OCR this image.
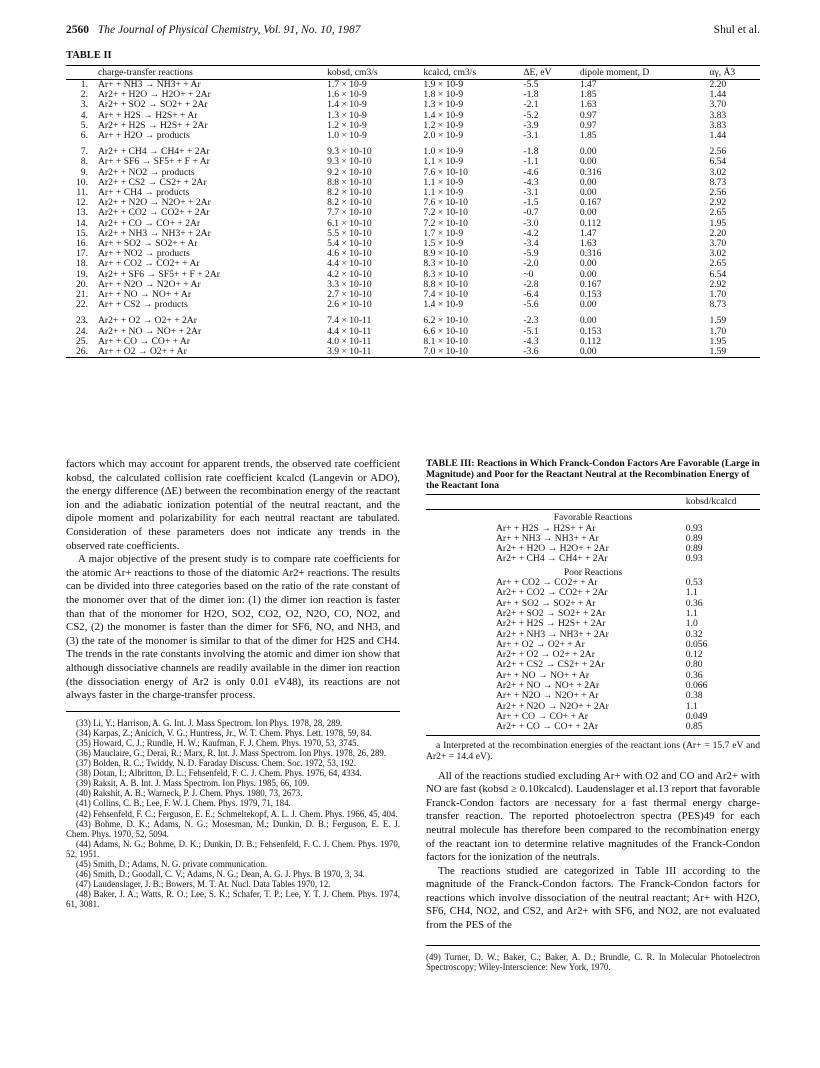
2560 The Journal of Physical Chemistry, Vol. 91, No. 10, 1987	Shul et al.
TABLE II
	charge-transfer reactions	kobsd, cm3/s	kcalcd, cm3/s	ΔE, eV	dipole moment, D	αγ, Å3
1.	Ar+ + NH3 → NH3+ + Ar	1.7 × 10-9	1.9 × 10-9	-5.5	1.47	2.20
2.	Ar2+ + H2O → H2O+ + 2Ar	1.6 × 10-9	1.8 × 10-9	-1.8	1.85	1.44
3.	Ar2+ + SO2 → SO2+ + 2Ar	1.4 × 10-9	1.3 × 10-9	-2.1	1.63	3.70
4.	Ar+ + H2S → H2S+ + Ar	1.3 × 10-9	1.4 × 10-9	-5.2	0.97	3.83
5.	Ar2+ + H2S → H2S+ + 2Ar	1.2 × 10-9	1.2 × 10-9	-3.9	0.97	3.83
6.	Ar+ + H2O → products	1.0 × 10-9	2.0 × 10-9	-3.1	1.85	1.44

7.	Ar2+ + CH4 → CH4+ + 2Ar	9.3 × 10-10	1.0 × 10-9	-1.8	0.00	2.56
8.	Ar+ + SF6 → SF5+ + F + Ar	9.3 × 10-10	1.1 × 10-9	-1.1	0.00	6.54
9.	Ar2+ + NO2 → products	9.2 × 10-10	7.6 × 10-10	-4.6	0.316	3.02
10.	Ar2+ + CS2 → CS2+ + 2Ar	8.8 × 10-10	1.1 × 10-9	-4.3	0.00	8.73
11.	Ar+ + CH4 → products	8.2 × 10-10	1.1 × 10-9	-3.1	0.00	2.56
12.	Ar2+ + N2O → N2O+ + 2Ar	8.2 × 10-10	7.6 × 10-10	-1.5	0.167	2.92
13.	Ar2+ + CO2 → CO2+ + 2Ar	7.7 × 10-10	7.2 × 10-10	-0.7	0.00	2.65
14.	Ar2+ + CO → CO+ + 2Ar	6.1 × 10-10	7.2 × 10-10	-3.0	0.112	1.95
15.	Ar2+ + NH3 → NH3+ + 2Ar	5.5 × 10-10	1.7 × 10-9	-4.2	1.47	2.20
16.	Ar+ + SO2 → SO2+ + Ar	5.4 × 10-10	1.5 × 10-9	-3.4	1.63	3.70
17.	Ar+ + NO2 → products	4.6 × 10-10	8.9 × 10-10	-5.9	0.316	3.02
18.	Ar+ + CO2 → CO2+ + Ar	4.4 × 10-10	8.3 × 10-10	-2.0	0.00	2.65
19.	Ar2+ + SF6 → SF5+ + F + 2Ar	4.2 × 10-10	8.3 × 10-10	~0	0.00	6.54
20.	Ar+ + N2O → N2O+ + Ar	3.3 × 10-10	8.8 × 10-10	-2.8	0.167	2.92
21.	Ar+ + NO → NO+ + Ar	2.7 × 10-10	7.4 × 10-10	-6.4	0.153	1.70
22.	Ar+ + CS2 → products	2.6 × 10-10	1.4 × 10-9	-5.6	0.00	8.73

23.	Ar2+ + O2 → O2+ + 2Ar	7.4 × 10-11	6.2 × 10-10	-2.3	0.00	1.59
24.	Ar2+ + NO → NO+ + 2Ar	4.4 × 10-11	6.6 × 10-10	-5.1	0.153	1.70
25.	Ar+ + CO → CO+ + Ar	4.0 × 10-11	8.1 × 10-10	-4.3	0.112	1.95
26.	Ar+ + O2 → O2+ + Ar	3.9 × 10-11	7.0 × 10-10	-3.6	0.00	1.59

factors which may account for apparent trends, the observed rate coefficient kobsd, the calculated collision rate coefficient kcalcd (Langevin or ADO), the energy difference (ΔE) between the recombination energy of the reactant ion and the adiabatic ionization potential of the neutral reactant, and the dipole moment and polarizability for each neutral reactant are tabulated. Consideration of these parameters does not indicate any trends in the observed rate coefficients.

A major objective of the present study is to compare rate coefficients for the atomic Ar+ reactions to those of the diatomic Ar2+ reactions. The results can be divided into three categories based on the ratio of the rate constant of the monomer over that of the dimer ion: (1) the dimer ion reaction is faster than that of the monomer for H2O, SO2, CO2, O2, N2O, CO, NO2, and CS2, (2) the monomer is faster than the dimer for SF6, NO, and NH3, and (3) the rate of the monomer is similar to that of the dimer for H2S and CH4. The trends in the rate constants involving the atomic and dimer ion show that although dissociative channels are readily available in the dimer ion reaction (the dissociation energy of Ar2 is only 0.01 eV48), its reactions are not always faster in the charge-transfer process.

(33) Li, Y.; Harrison, A. G. Int. J. Mass Spectrom. Ion Phys. 1978, 28, 289.
(34) Karpas, Z.; Anicich, V. G.; Huntress, Jr., W. T. Chem. Phys. Lett. 1978, 59, 84.
(35) Howard, C. J.; Rundle, H. W.; Kaufman, F. J. Chem. Phys. 1970, 53, 3745.
(36) Mauclaire, G.; Derai, R.; Marx, R. Int. J. Mass Spectrom. Ion Phys. 1978, 26, 289.
(37) Bolden, R. C.; Twiddy, N. D. Faraday Discuss. Chem. Soc. 1972, 53, 192.
(38) Dotan, I.; Albritton, D. L.; Fehsenfeld, F. C. J. Chem. Phys. 1976, 64, 4334.
(39) Raksit, A. B. Int. J. Mass Spectrom. Ion Phys. 1985, 66, 109.
(40) Rakshit, A. B.; Warneck, P. J. Chem. Phys. 1980, 73, 2673.
(41) Collins, C. B.; Lee, F. W. J. Chem. Phys. 1979, 71, 184.
(42) Fehsenfeld, F. C.; Ferguson, E. E.; Schmeltekopf, A. L. J. Chem. Phys. 1966, 45, 404.
(43) Bohme, D. K.; Adams, N. G.; Mosesman, M.; Dunkin, D. B.; Ferguson, E. E. J. Chem. Phys. 1970, 52, 5094.
(44) Adams, N. G.; Bohme, D. K.; Dunkin, D. B.; Fehsenfeld, F. C. J. Chem. Phys. 1970, 52, 1951.
(45) Smith, D.; Adams, N. G. private communication.
(46) Smith, D.; Goodall, C. V.; Adams, N. G.; Dean, A. G. J. Phys. B 1970, 3, 34.
(47) Laudenslager, J. B.; Bowers, M. T. At. Nucl. Data Tables 1970, 12.
(48) Baker, J. A.; Watts, R. O.; Lee, S. K.; Schafer, T. P.; Lee, Y. T. J. Chem. Phys. 1974, 61, 3081.
TABLE III: Reactions in Which Franck-Condon Factors Are Favorable (Large in Magnitude) and Poor for the Reactant Neutral at the Recombination Energy of the Reactant Iona
	kobsd/kcalcd
Favorable Reactions	
Ar+ + H2S → H2S+ + Ar	0.93
Ar+ + NH3 → NH3+ + Ar	0.89
Ar2+ + H2O → H2O+ + 2Ar	0.89
Ar2+ + CH4 → CH4+ + 2Ar	0.93
Poor Reactions	
Ar+ + CO2 → CO2+ + Ar	0.53
Ar2+ + CO2 → CO2+ + 2Ar	1.1
Ar+ + SO2 → SO2+ + Ar	0.36
Ar2+ + SO2 → SO2+ + 2Ar	1.1
Ar2+ + H2S → H2S+ + 2Ar	1.0
Ar2+ + NH3 → NH3+ + 2Ar	0.32
Ar+ + O2 → O2+ + Ar	0.056
Ar2+ + O2 → O2+ + 2Ar	0.12
Ar2+ + CS2 → CS2+ + 2Ar	0.80
Ar+ + NO → NO+ + Ar	0.36
Ar2+ + NO → NO+ + 2Ar	0.066
Ar+ + N2O → N2O+ + Ar	0.38
Ar2+ + N2O → N2O+ + 2Ar	1.1
Ar+ + CO → CO+ + Ar	0.049
Ar2+ + CO → CO+ + 2Ar	0.85
a Interpreted at the recombination energies of the reactant ions (Ar+ = 15.7 eV and Ar2+ = 14.4 eV).

All of the reactions studied excluding Ar+ with O2 and CO and Ar2+ with NO are fast (kobsd ≥ 0.10kcalcd). Laudenslager et al.13 report that favorable Franck-Condon factors are necessary for a fast thermal energy charge-transfer reaction. The reported photoelectron spectra (PES)49 for each neutral molecule has therefore been compared to the recombination energy of the reactant ion to determine relative magnitudes of the Franck-Condon factors for the ionization of the neutrals.

The reactions studied are categorized in Table III according to the magnitude of the Franck-Condon factors. The Franck-Condon factors for reactions which involve dissociation of the neutral reactant; Ar+ with H2O, SF6, CH4, NO2, and CS2, and Ar2+ with SF6, and NO2, are not evaluated from the PES of the

(49) Turner, D. W.; Baker, C.; Baker, A. D.; Brundle, C. R. In Molecular Photoelectron Spectroscopy; Wiley-Interscience: New York, 1970.
